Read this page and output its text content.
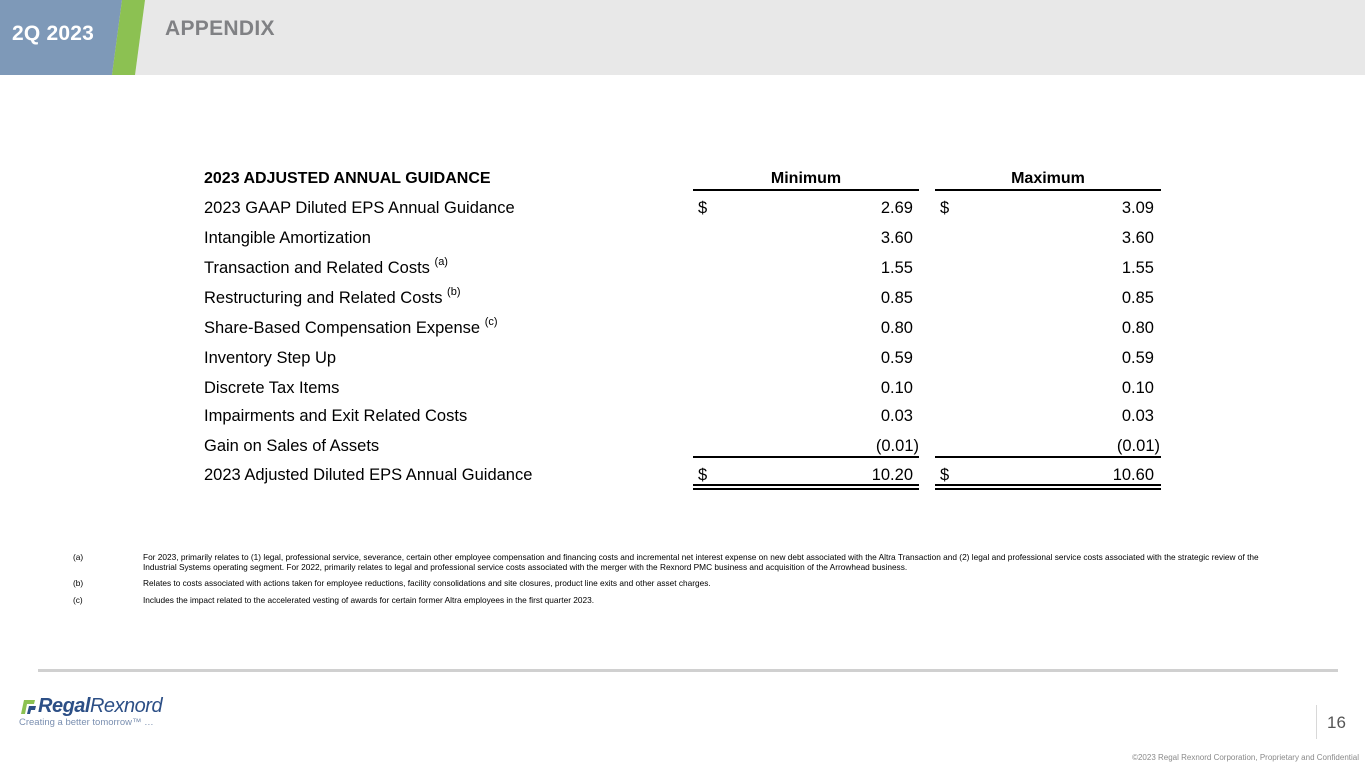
2Q 2023	APPENDIX
2023 ADJUSTED ANNUAL GUIDANCE	Minimum	Maximum
2023 GAAP Diluted EPS Annual Guidance	$	2.69 $	3.09
Intangible Amortization	3.60	3.60
Transaction and Related Costs $^{(a)}$	1.55	1.55
Restructuring and Related Costs $^{(b)}$	0.85	0.85
Share-Based Compensation Expense $^{(c)}$	0.80	0.80
Inventory Step Up	0.59	0.59
Discrete Tax Items	0.10	0.10
Impairments and Exit Related Costs	0.03	0.03
Gain on Sales of Assets	(0.01)	(0.01)
2023 Adjusted Diluted EPS Annual Guidance	$	10.20 $	10.60
(a)	For 2023, primarily relates to (1) legal, professional service, severance, certain other employee compensation and financing costs and incremental net interest expense on new debt associated with the Altra Transaction and (2) legal and professional service costs associated with the strategic review of the Industrial Systems operating segment. For 2022, primarily relates to legal and professional service costs associated with the merger with the Rexnord PMC business and acquisition of the Arrowhead business.
(b)	Relates to costs associated with actions taken for employee reductions, facility consolidations and site closures, product line exits and other asset charges.
(c)	Includes the impact related to the accelerated vesting of awards for certain former Altra employees in the first quarter 2023.
RegalRexnord
Creating a better tomorrow™ …	16
©2023 Regal Rexnord Corporation, Proprietary and Confidential
